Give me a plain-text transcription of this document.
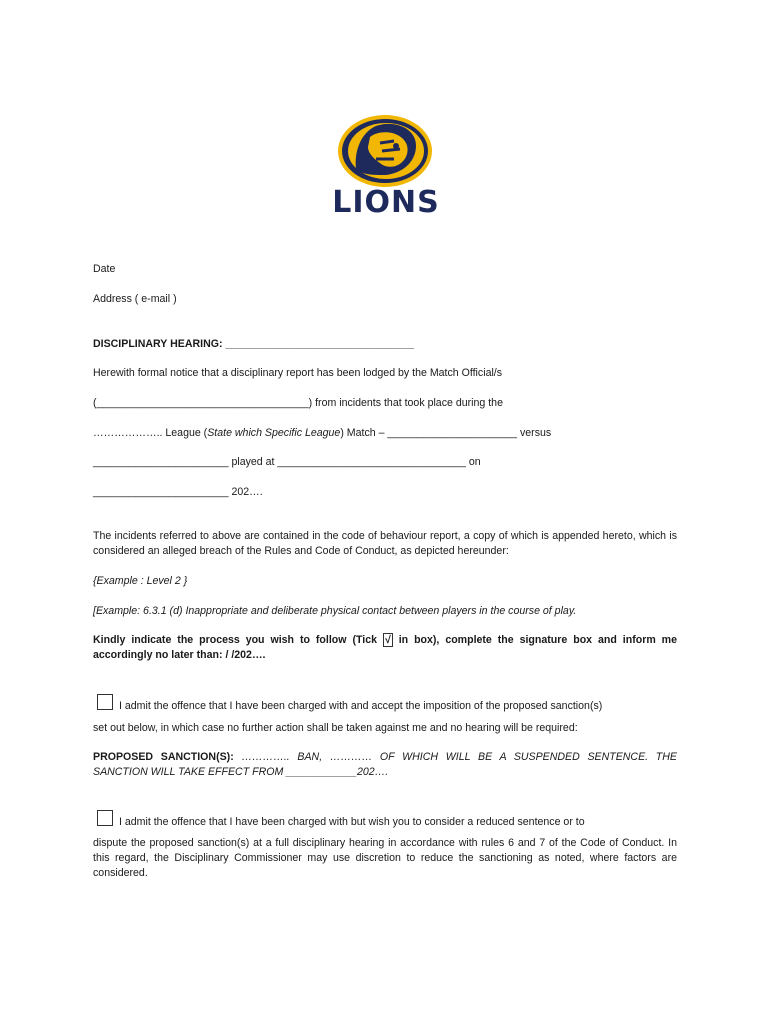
LIONS
Date
Address ( e-mail )
DISCIPLINARY HEARING: ________________________________
Herewith formal notice that a disciplinary report has been lodged by the Match Official/s
(____________________________________) from incidents that took place during the
……………….. League (State which Specific League) Match – ______________________ versus
_______________________ played at ________________________________ on
_______________________ 202….
The incidents referred to above are contained in the code of behaviour report, a copy of which is appended hereto, which is considered an alleged breach of the Rules and Code of Conduct, as depicted hereunder:
{Example : Level 2 }
[Example: 6.3.1 (d) Inappropriate and deliberate physical contact between players in the course of play.
Kindly indicate the process you wish to follow (Tick √ in box), complete the signature box and inform me accordingly no later than: / /202….
I admit the offence that I have been charged with and accept the imposition of the proposed sanction(s)
set out below, in which case no further action shall be taken against me and no hearing will be required:
PROPOSED SANCTION(S): ………….. BAN, ………… OF WHICH WILL BE A SUSPENDED SENTENCE. THE SANCTION WILL TAKE EFFECT FROM ____________202….
I admit the offence that I have been charged with but wish you to consider a reduced sentence or to
dispute the proposed sanction(s) at a full disciplinary hearing in accordance with rules 6 and 7 of the Code of Conduct. In this regard, the Disciplinary Commissioner may use discretion to reduce the sanctioning as noted, where factors are considered.
